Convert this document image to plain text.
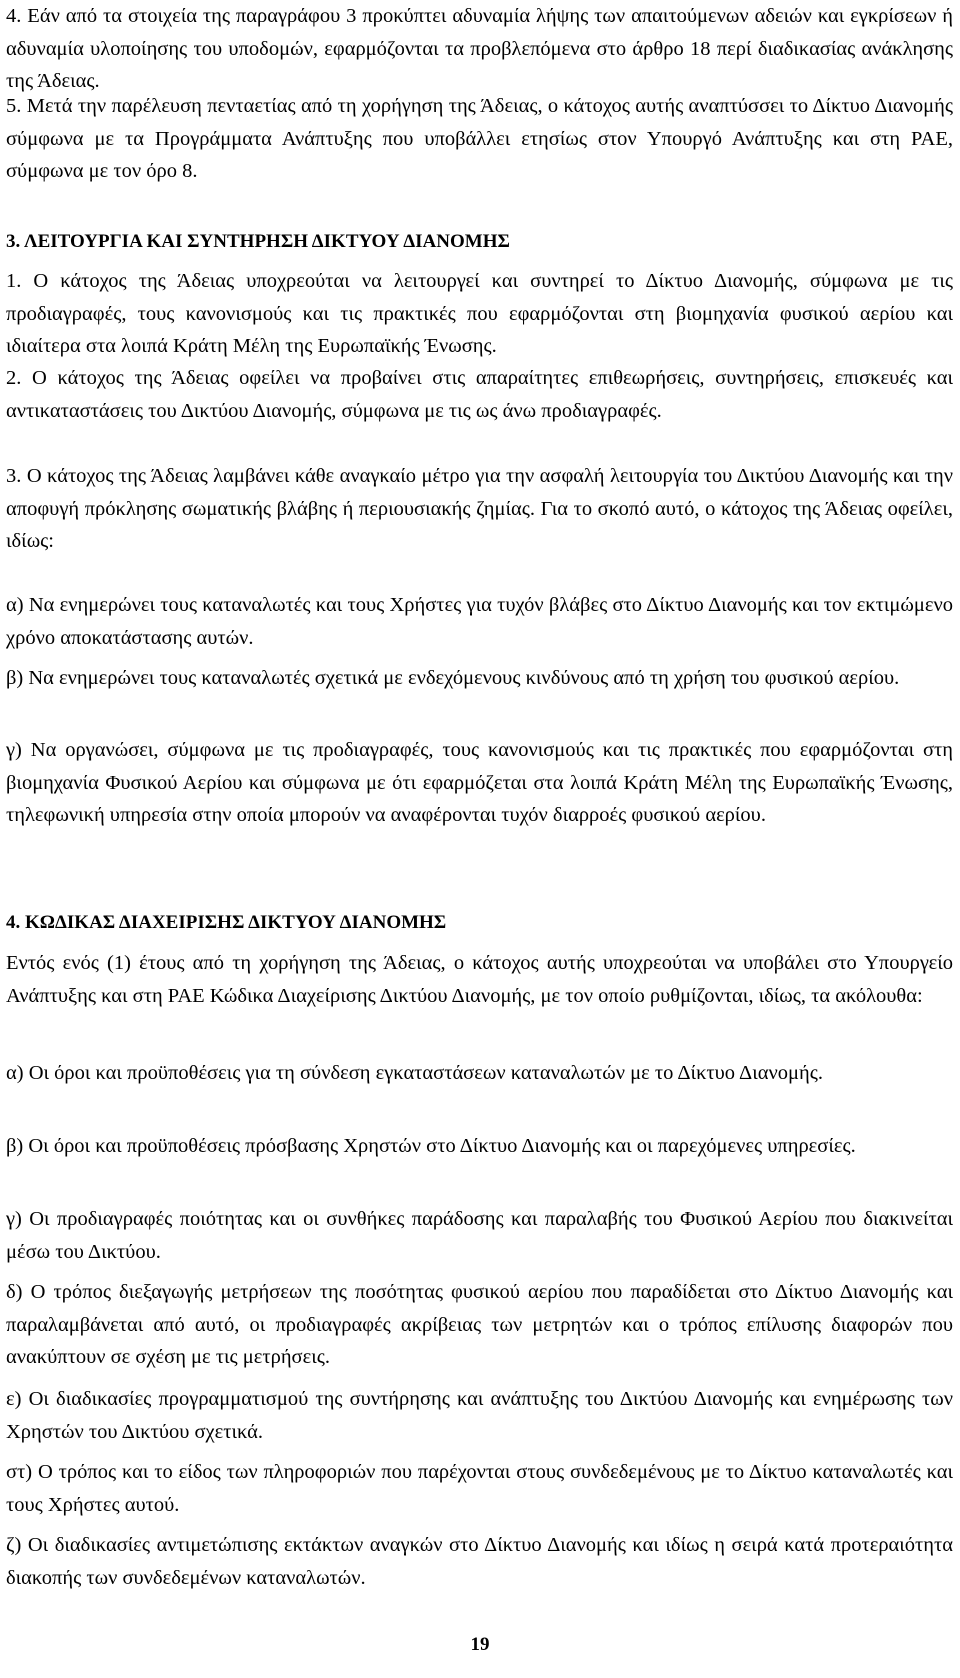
4. Εάν από τα στοιχεία της παραγράφου 3 προκύπτει αδυναμία λήψης των απαιτούμενων αδειών και εγκρίσεων ή αδυναμία υλοποίησης του υποδομών, εφαρμόζονται τα προβλεπόμενα στο άρθρο 18 περί διαδικασίας ανάκλησης της Άδειας.

5. Μετά την παρέλευση πενταετίας από τη χορήγηση της Άδειας, ο κάτοχος αυτής αναπτύσσει το Δίκτυο Διανομής σύμφωνα με τα Προγράμματα Ανάπτυξης που υποβάλλει ετησίως στον Υπουργό Ανάπτυξης και στη ΡΑΕ, σύμφωνα με τον όρο 8.

3. ΛΕΙΤΟΥΡΓΙΑ ΚΑΙ ΣΥΝΤΗΡΗΣΗ ΔΙΚΤΥΟΥ ΔΙΑΝΟΜΗΣ

1. Ο κάτοχος της Άδειας υποχρεούται να λειτουργεί και συντηρεί το Δίκτυο Διανομής, σύμφωνα με τις προδιαγραφές, τους κανονισμούς και τις πρακτικές που εφαρμόζονται στη βιομηχανία φυσικού αερίου και ιδιαίτερα στα λοιπά Κράτη Μέλη της Ευρωπαϊκής Ένωσης.

2. Ο κάτοχος της Άδειας οφείλει να προβαίνει στις απαραίτητες επιθεωρήσεις, συντηρήσεις, επισκευές και αντικαταστάσεις του Δικτύου Διανομής, σύμφωνα με τις ως άνω προδιαγραφές.

3. Ο κάτοχος της Άδειας λαμβάνει κάθε αναγκαίο μέτρο για την ασφαλή λειτουργία του Δικτύου Διανομής και την αποφυγή πρόκλησης σωματικής βλάβης ή περιουσιακής ζημίας. Για το σκοπό αυτό, ο κάτοχος της Άδειας οφείλει, ιδίως:

α) Να ενημερώνει τους καταναλωτές και τους Χρήστες για τυχόν βλάβες στο Δίκτυο Διανομής και τον εκτιμώμενο χρόνο αποκατάστασης αυτών.

β) Να ενημερώνει τους καταναλωτές σχετικά με ενδεχόμενους κινδύνους από τη χρήση του φυσικού αερίου.

γ) Να οργανώσει, σύμφωνα με τις προδιαγραφές, τους κανονισμούς και τις πρακτικές που εφαρμόζονται στη βιομηχανία Φυσικού Αερίου και σύμφωνα με ότι εφαρμόζεται στα λοιπά Κράτη Μέλη της Ευρωπαϊκής Ένωσης, τηλεφωνική υπηρεσία στην οποία μπορούν να αναφέρονται τυχόν διαρροές φυσικού αερίου.

4. ΚΩΔΙΚΑΣ ΔΙΑΧΕΙΡΙΣΗΣ ΔΙΚΤΥΟΥ ΔΙΑΝΟΜΗΣ

Εντός ενός (1) έτους από τη χορήγηση της Άδειας, ο κάτοχος αυτής υποχρεούται να υποβάλει στο Υπουργείο Ανάπτυξης και στη ΡΑΕ Κώδικα Διαχείρισης Δικτύου Διανομής, με τον οποίο ρυθμίζονται, ιδίως, τα ακόλουθα:

α) Οι όροι και προϋποθέσεις για τη σύνδεση εγκαταστάσεων καταναλωτών με το Δίκτυο Διανομής.

β) Οι όροι και προϋποθέσεις πρόσβασης Χρηστών στο Δίκτυο Διανομής και οι παρεχόμενες υπηρεσίες.

γ) Οι προδιαγραφές ποιότητας και οι συνθήκες παράδοσης και παραλαβής του Φυσικού Αερίου που διακινείται μέσω του Δικτύου.

δ) Ο τρόπος διεξαγωγής μετρήσεων της ποσότητας φυσικού αερίου που παραδίδεται στο Δίκτυο Διανομής και παραλαμβάνεται από αυτό, οι προδιαγραφές ακρίβειας των μετρητών και ο τρόπος επίλυσης διαφορών που ανακύπτουν σε σχέση με τις μετρήσεις.

ε) Οι διαδικασίες προγραμματισμού της συντήρησης και ανάπτυξης του Δικτύου Διανομής και ενημέρωσης των Χρηστών του Δικτύου σχετικά.

στ) Ο τρόπος και το είδος των πληροφοριών που παρέχονται στους συνδεδεμένους με το Δίκτυο καταναλωτές και τους Χρήστες αυτού.

ζ) Οι διαδικασίες αντιμετώπισης εκτάκτων αναγκών στο Δίκτυο Διανομής και ιδίως η σειρά κατά προτεραιότητα διακοπής των συνδεδεμένων καταναλωτών.

19
